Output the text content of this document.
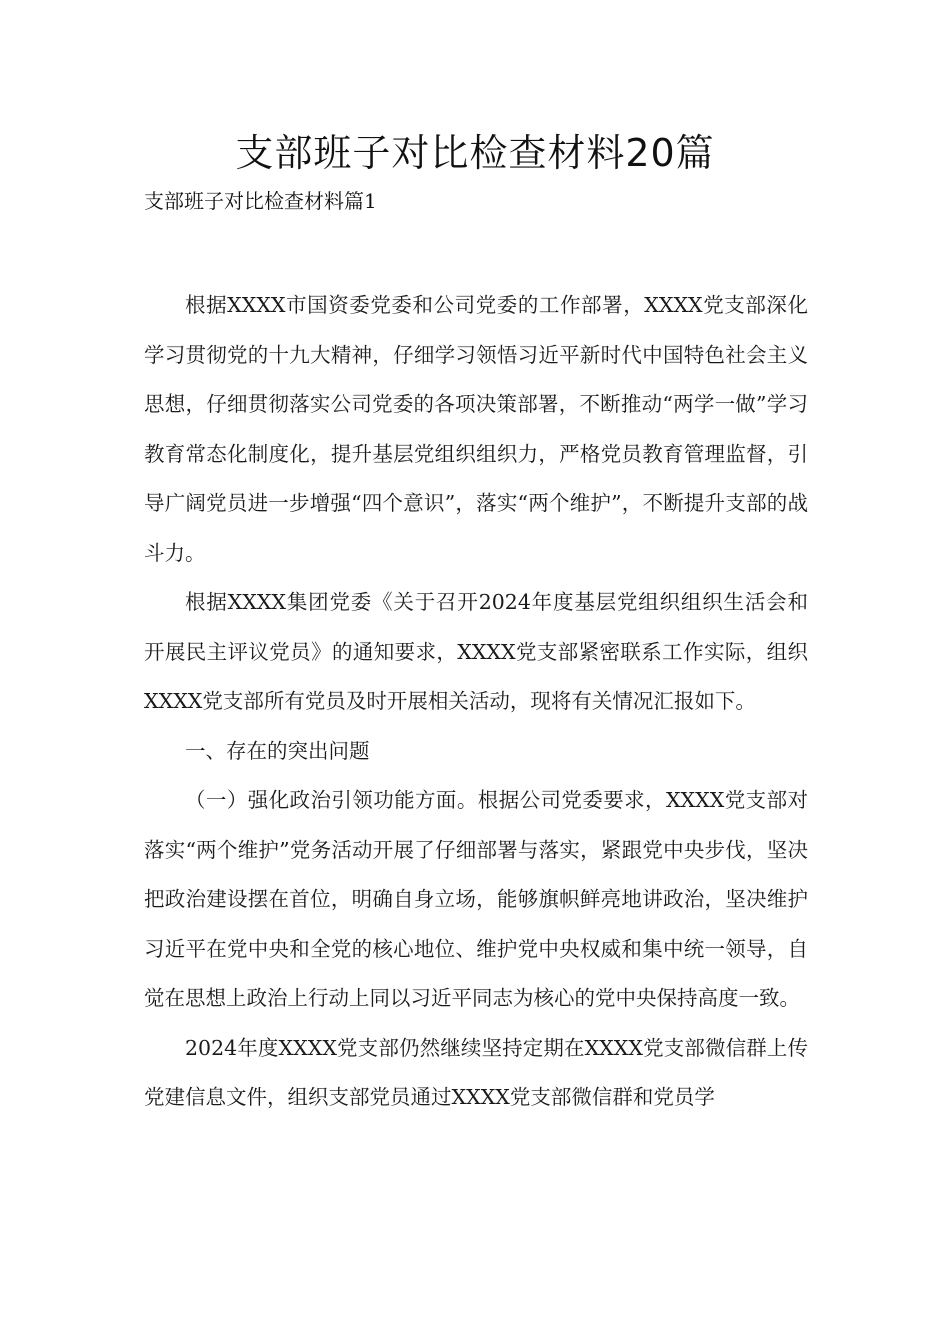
支部班子对比检查材料20篇

支部班子对比检查材料篇1

根据XXXX市国资委党委和公司党委的工作部署，XXXX党支部深化学习贯彻党的十九大精神，仔细学习领悟习近平新时代中国特色社会主义思想，仔细贯彻落实公司党委的各项决策部署，不断推动“两学一做”学习教育常态化制度化，提升基层党组织组织力，严格党员教育管理监督，引导广阔党员进一步增强“四个意识”，落实“两个维护”，不断提升支部的战斗力。

根据XXXX集团党委《关于召开2024年度基层党组织组织生活会和开展民主评议党员》的通知要求，XXXX党支部紧密联系工作实际，组织XXXX党支部所有党员及时开展相关活动，现将有关情况汇报如下。

一、存在的突出问题

（一）强化政治引领功能方面。根据公司党委要求，XXXX党支部对落实“两个维护”党务活动开展了仔细部署与落实，紧跟党中央步伐，坚决把政治建设摆在首位，明确自身立场，能够旗帜鲜亮地讲政治，坚决维护习近平在党中央和全党的核心地位、维护党中央权威和集中统一领导，自觉在思想上政治上行动上同以习近平同志为核心的党中央保持高度一致。

2024年度XXXX党支部仍然继续坚持定期在XXXX党支部微信群上传党建信息文件，组织支部党员通过XXXX党支部微信群和党员学
